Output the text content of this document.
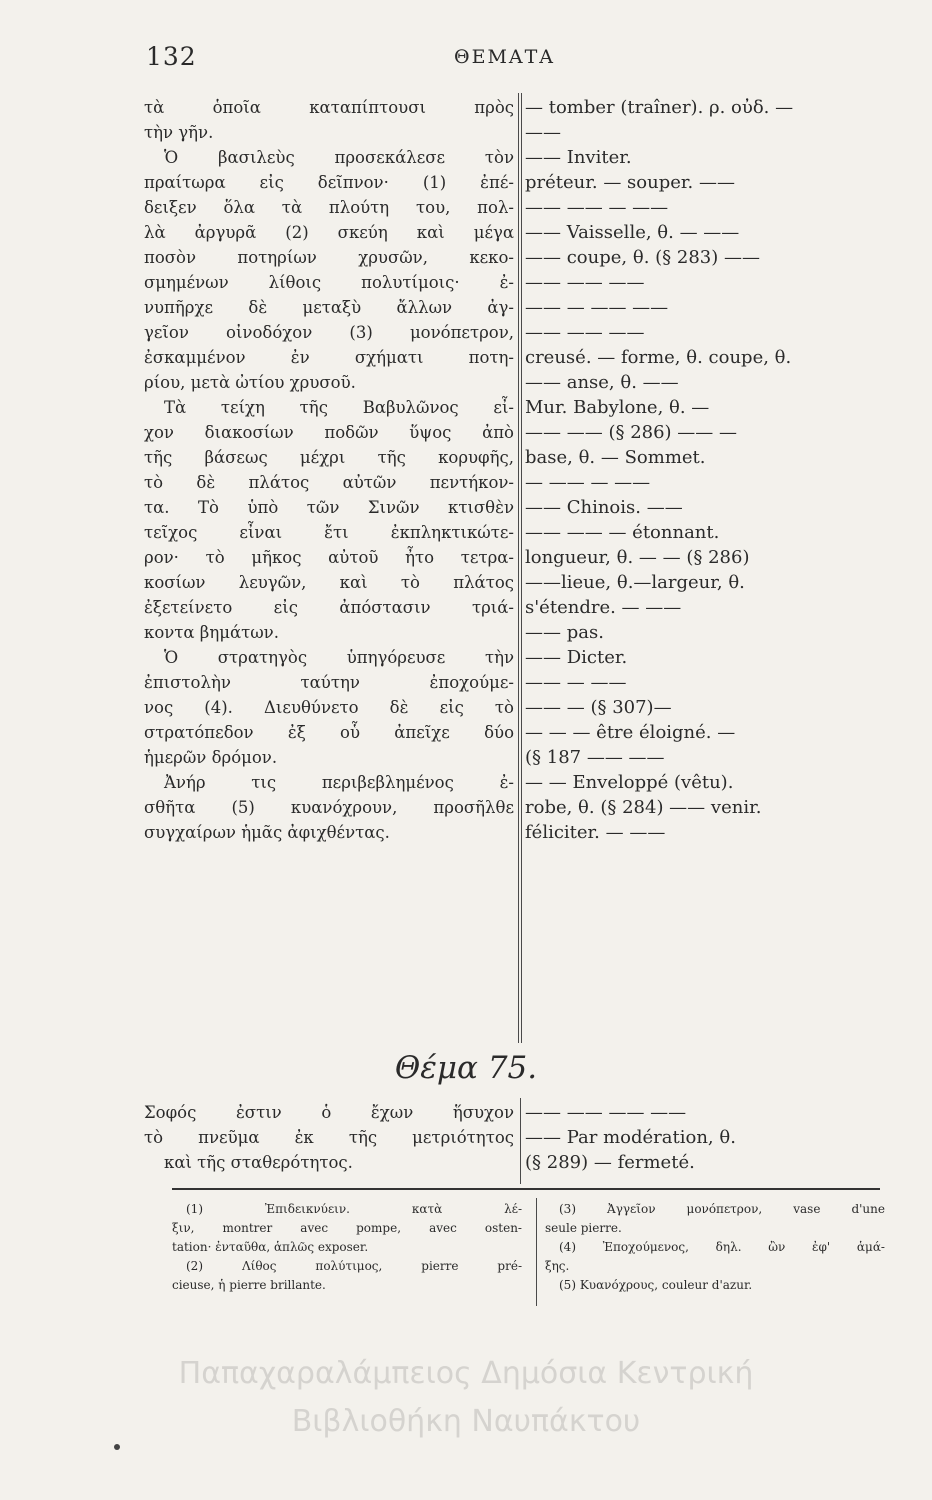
132	ΘΕΜΑΤΑ
τὰ ὁποῖα καταπίπτουσι πρὸς
τὴν γῆν.
Ὁ βασιλεὺς προσεκάλεσε τὸν
πραίτωρα εἰς δεῖπνον· (1) ἐπέ-
δειξεν ὅλα τὰ πλούτη του, πολ-
λὰ ἀργυρᾶ (2) σκεύη καὶ μέγα
ποσὸν ποτηρίων χρυσῶν, κεκο-
σμημένων λίθοις πολυτίμοις· ἐ-
νυπῆρχε δὲ μεταξὺ ἄλλων ἀγ-
γεῖον οἰνοδόχον (3) μονόπετρον,
ἐσκαμμένον ἐν σχήματι ποτη-
ρίου, μετὰ ὠτίου χρυσοῦ.
Τὰ τείχη τῆς Βαβυλῶνος εἶ-
χον διακοσίων ποδῶν ὕψος ἀπὸ
τῆς βάσεως μέχρι τῆς κορυφῆς,
τὸ δὲ πλάτος αὐτῶν πεντήκον-
τα. Τὸ ὑπὸ τῶν Σινῶν κτισθὲν
τεῖχος εἶναι ἔτι ἐκπληκτικώτε-
ρον· τὸ μῆκος αὐτοῦ ἦτο τετρα-
κοσίων λευγῶν, καὶ τὸ πλάτος
ἐξετείνετο εἰς ἀπόστασιν τριά-
κοντα βημάτων.
Ὁ στρατηγὸς ὑπηγόρευσε τὴν
ἐπιστολὴν ταύτην ἐποχούμε-
νος (4). Διευθύνετο δὲ εἰς τὸ
στρατόπεδον ἐξ οὗ ἀπεῖχε δύο
ἡμερῶν δρόμον.
Ἀνήρ τις περιβεβλημένος ἐ-
σθῆτα (5) κυανόχρουν, προσῆλθε
συγχαίρων ἡμᾶς ἀφιχθέντας.
— tomber (traîner). ρ. οὐδ. —
——
—— Inviter.
préteur. — souper. ——
—— —— — ——
—— Vaisselle, θ. — ——
—— coupe, θ. (§ 283) ——
—— —— ——
—— — —— ——
—— —— ——
creusé. — forme, θ. coupe, θ.
—— anse, θ. ——
Mur. Babylone, θ. —
—— —— (§ 286) —— —
base, θ. — Sommet.
— —— — ——
—— Chinois. ——
—— —— — étonnant.
longueur, θ. — — (§ 286)
——lieue, θ.—largeur, θ.
s'étendre. — ——
—— pas.
—— Dicter.
—— — ——
—— — (§ 307)—
— — — être éloigné. —
(§ 187 —— ——
— — Enveloppé (vêtu).
robe, θ. (§ 284) —— venir.
féliciter. — ——
Θέμα 75.
Σοφός ἐστιν ὁ ἔχων ἥσυχον
τὸ πνεῦμα ἐκ τῆς μετριότητος
καὶ τῆς σταθερότητος.
—— —— —— ——
—— Par modération, θ.
(§ 289) — fermeté.
(1) Ἐπιδεικνύειν. κατὰ λέ-
ξιν, montrer avec pompe, avec osten-
tation· ἐνταῦθα, ἁπλῶς exposer.
(2) Λίθος πολύτιμος, pierre pré-
cieuse, ἡ pierre brillante.
(3) Ἀγγεῖον μονόπετρον, vase d'une
seule pierre.
(4) Ἐποχούμενος, δηλ. ὢν ἐφ' ἁμά-
ξης.
(5) Κυανόχρους, couleur d'azur.
Παπαχαραλάμπειος Δημόσια Κεντρική
Βιβλιοθήκη Ναυπάκτου
